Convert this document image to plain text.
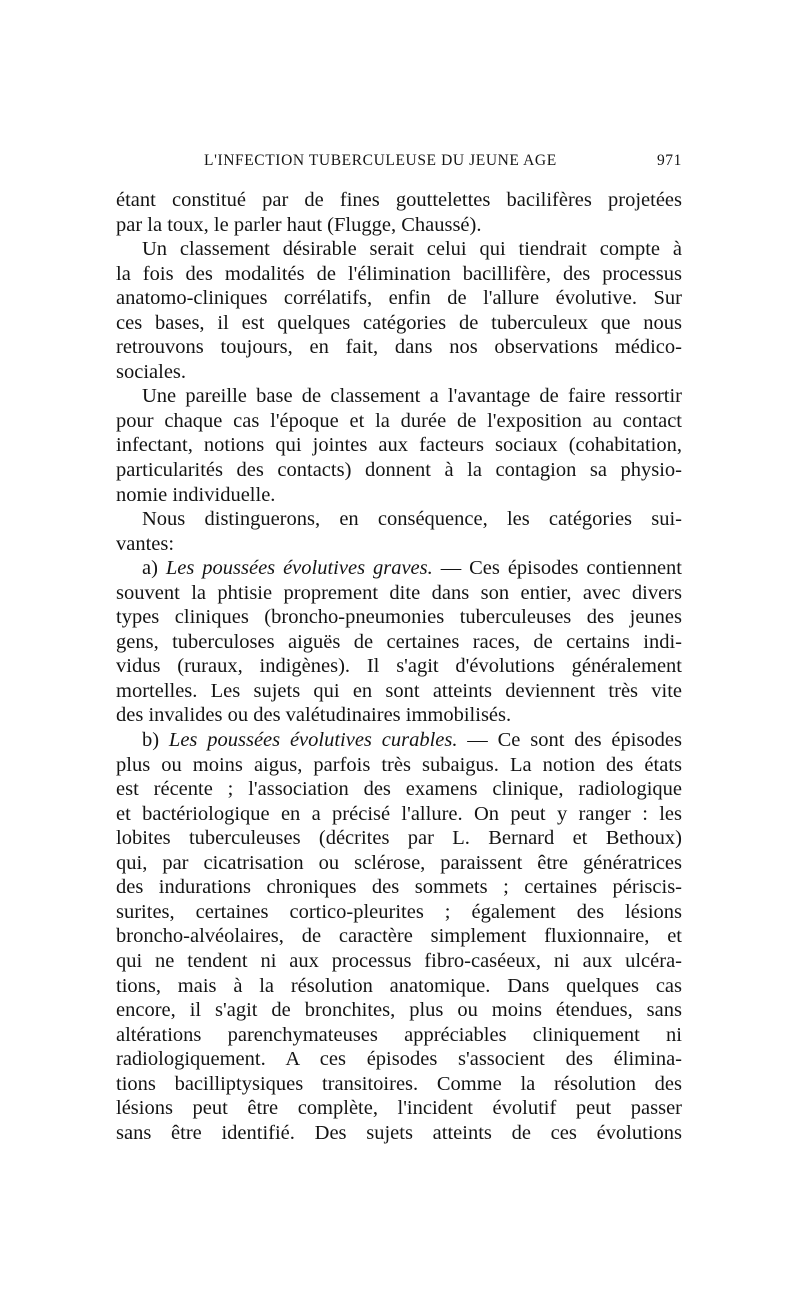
L'INFECTION TUBERCULEUSE DU JEUNE AGE	971
étant constitué par de fines gouttelettes bacilifères projetées
par la toux, le parler haut (Flugge, Chaussé).
Un classement désirable serait celui qui tiendrait compte à
la fois des modalités de l'élimination bacillifère, des processus
anatomo-cliniques corrélatifs, enfin de l'allure évolutive. Sur
ces bases, il est quelques catégories de tuberculeux que nous
retrouvons toujours, en fait, dans nos observations médico-
sociales.
Une pareille base de classement a l'avantage de faire ressortir
pour chaque cas l'époque et la durée de l'exposition au contact
infectant, notions qui jointes aux facteurs sociaux (cohabitation,
particularités des contacts) donnent à la contagion sa physio-
nomie individuelle.
Nous distinguerons, en conséquence, les catégories sui-
vantes:
a) Les poussées évolutives graves. — Ces épisodes contiennent
souvent la phtisie proprement dite dans son entier, avec divers
types cliniques (broncho-pneumonies tuberculeuses des jeunes
gens, tuberculoses aiguës de certaines races, de certains indi-
vidus (ruraux, indigènes). Il s'agit d'évolutions généralement
mortelles. Les sujets qui en sont atteints deviennent très vite
des invalides ou des valétudinaires immobilisés.
b) Les poussées évolutives curables. — Ce sont des épisodes
plus ou moins aigus, parfois très subaigus. La notion des états
est récente ; l'association des examens clinique, radiologique
et bactériologique en a précisé l'allure. On peut y ranger : les
lobites tuberculeuses (décrites par L. Bernard et Bethoux)
qui, par cicatrisation ou sclérose, paraissent être génératrices
des indurations chroniques des sommets ; certaines périscis-
surites, certaines cortico-pleurites ; également des lésions
broncho-alvéolaires, de caractère simplement fluxionnaire, et
qui ne tendent ni aux processus fibro-caséeux, ni aux ulcéra-
tions, mais à la résolution anatomique. Dans quelques cas
encore, il s'agit de bronchites, plus ou moins étendues, sans
altérations parenchymateuses appréciables cliniquement ni
radiologiquement. A ces épisodes s'associent des élimina-
tions bacilliptysiques transitoires. Comme la résolution des
lésions peut être complète, l'incident évolutif peut passer
sans être identifié. Des sujets atteints de ces évolutions
